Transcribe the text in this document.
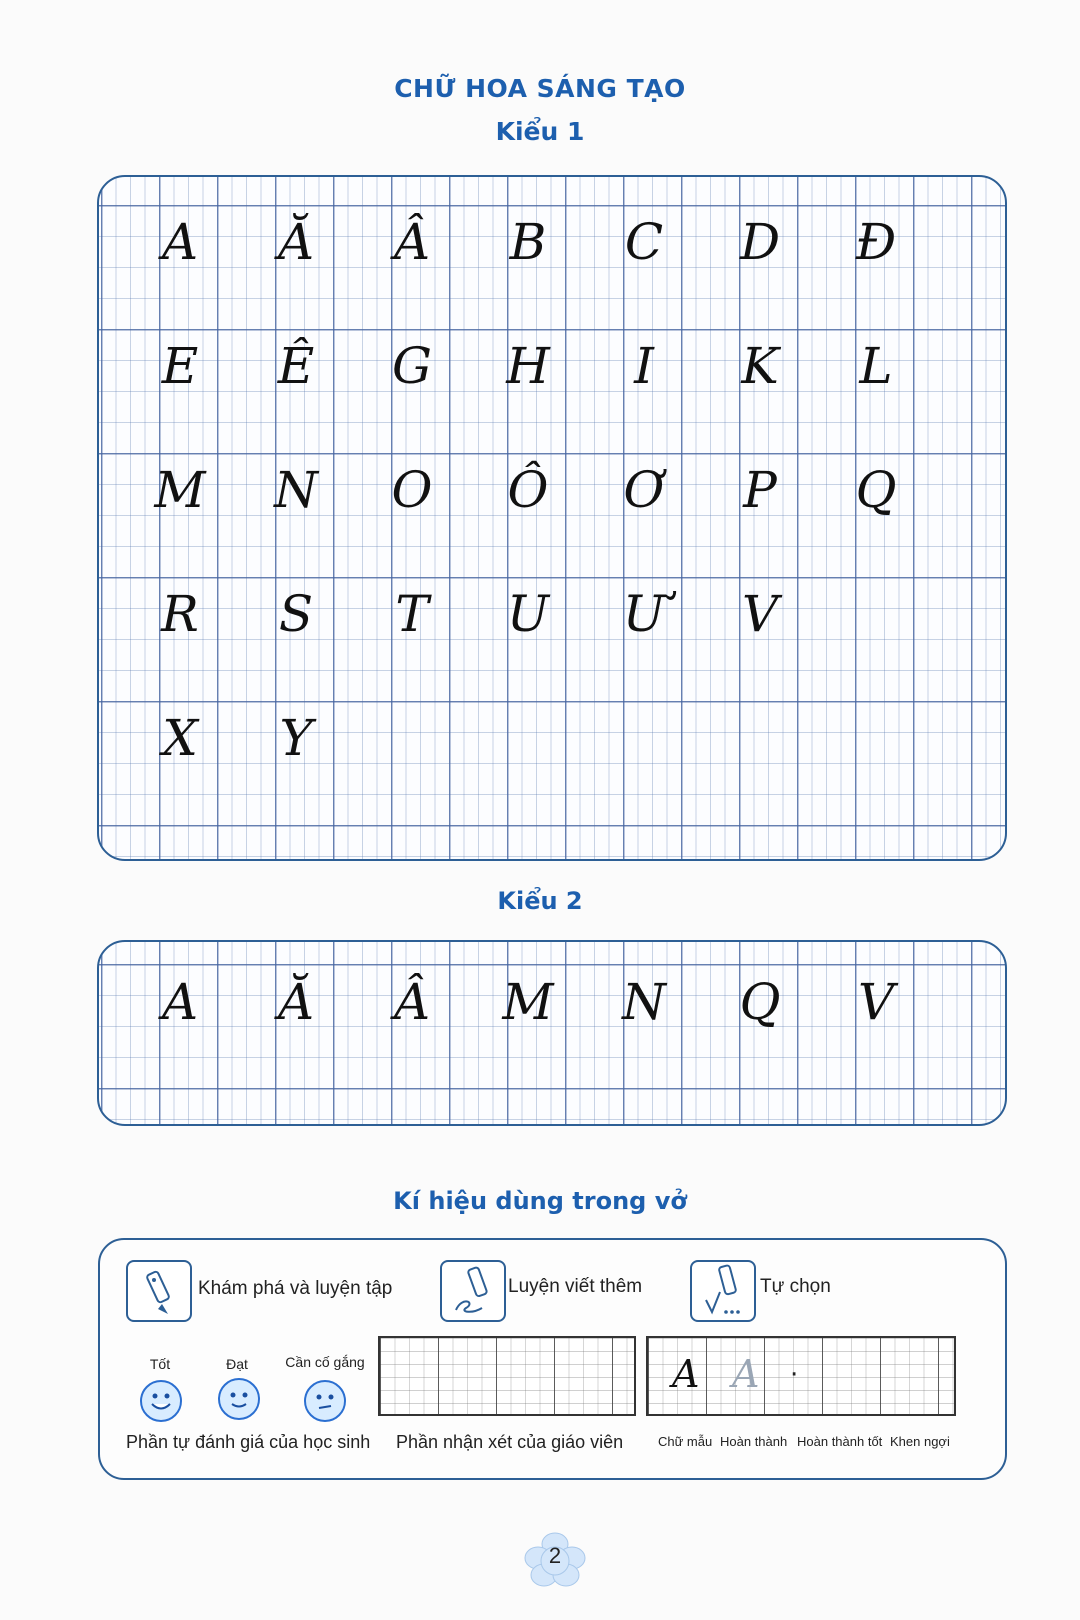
CHỮ HOA SÁNG TẠO
Kiểu 1
A	Ă	Â	B	C	D	Đ
E	Ê	G	H	I	K	L
M	N	O	Ô	Ơ	P	Q
R	S	T	U	Ư	V
X	Y
Kiểu 2
A	Ă	Â	M	N	Q	V
Kí hiệu dùng trong vở
Khám phá và luyện tập	Luyện viết thêm	Tự chọn
Tốt	Đạt	Cần cố gắng
Phần tự đánh giá của học sinh Phần nhận xét của giáo viên
A A ·
Chữ mẫu Hoàn thành Hoàn thành tốt Khen ngợi
2
